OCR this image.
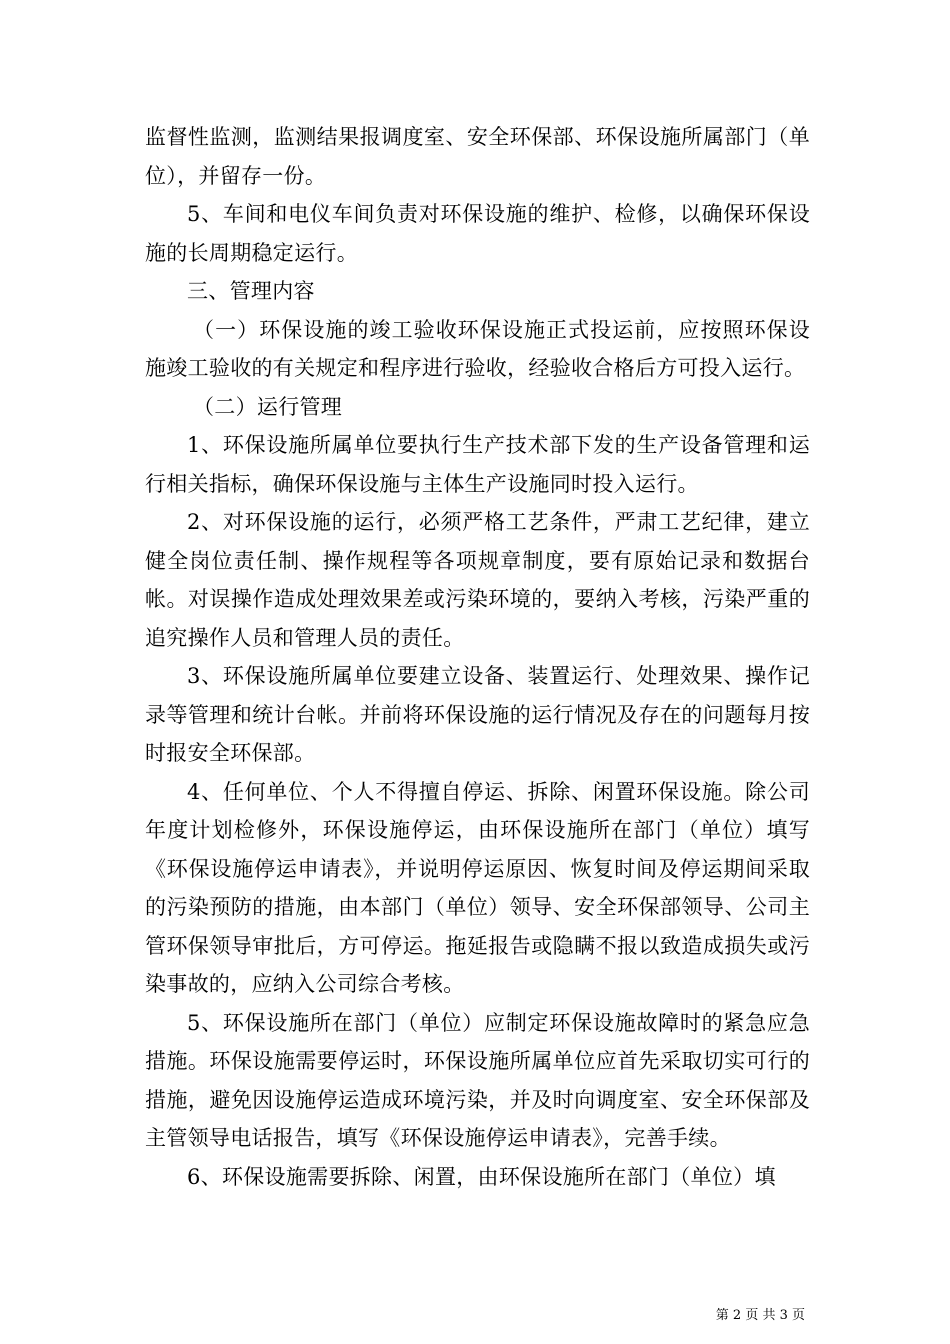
监督性监测，监测结果报调度室、安全环保部、环保设施所属部门（单位），并留存一份。

5、车间和电仪车间负责对环保设施的维护、检修，以确保环保设施的长周期稳定运行。

三、管理内容

（一）环保设施的竣工验收环保设施正式投运前，应按照环保设施竣工验收的有关规定和程序进行验收，经验收合格后方可投入运行。

（二）运行管理

1、环保设施所属单位要执行生产技术部下发的生产设备管理和运行相关指标，确保环保设施与主体生产设施同时投入运行。

2、对环保设施的运行，必须严格工艺条件，严肃工艺纪律，建立健全岗位责任制、操作规程等各项规章制度，要有原始记录和数据台帐。对误操作造成处理效果差或污染环境的，要纳入考核，污染严重的追究操作人员和管理人员的责任。

3、环保设施所属单位要建立设备、装置运行、处理效果、操作记录等管理和统计台帐。并前将环保设施的运行情况及存在的问题每月按时报安全环保部。

4、任何单位、个人不得擅自停运、拆除、闲置环保设施。除公司年度计划检修外，环保设施停运，由环保设施所在部门（单位）填写《环保设施停运申请表》，并说明停运原因、恢复时间及停运期间采取的污染预防的措施，由本部门（单位）领导、安全环保部领导、公司主管环保领导审批后，方可停运。拖延报告或隐瞒不报以致造成损失或污染事故的，应纳入公司综合考核。

5、环保设施所在部门（单位）应制定环保设施故障时的紧急应急措施。环保设施需要停运时，环保设施所属单位应首先采取切实可行的措施，避免因设施停运造成环境污染，并及时向调度室、安全环保部及主管领导电话报告，填写《环保设施停运申请表》，完善手续。

6、环保设施需要拆除、闲置，由环保设施所在部门（单位）填

第 2 页 共 3 页
